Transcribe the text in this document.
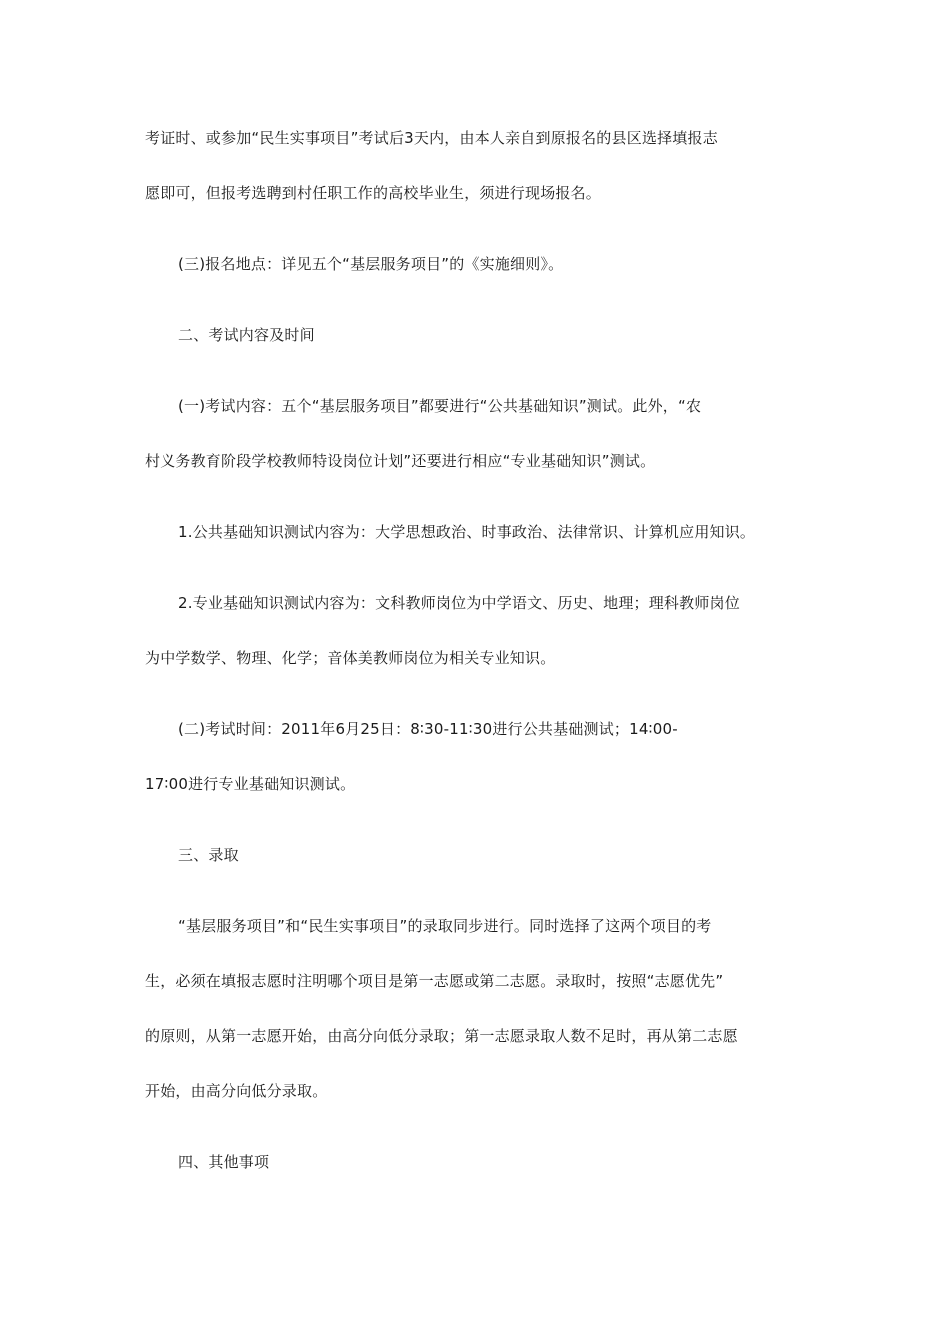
考证时、或参加“民生实事项目”考试后3天内，由本人亲自到原报名的县区选择填报志
愿即可，但报考选聘到村任职工作的高校毕业生，须进行现场报名。
(三)报名地点：详见五个“基层服务项目”的《实施细则》。
二、考试内容及时间
(一)考试内容：五个“基层服务项目”都要进行“公共基础知识”测试。此外，“农
村义务教育阶段学校教师特设岗位计划”还要进行相应“专业基础知识”测试。
1.公共基础知识测试内容为：大学思想政治、时事政治、法律常识、计算机应用知识。
2.专业基础知识测试内容为：文科教师岗位为中学语文、历史、地理；理科教师岗位
为中学数学、物理、化学；音体美教师岗位为相关专业知识。
(二)考试时间：2011年6月25日：8∶30-11∶30进行公共基础测试；14∶00-
17∶00进行专业基础知识测试。
三、录取
“基层服务项目”和“民生实事项目”的录取同步进行。同时选择了这两个项目的考
生，必须在填报志愿时注明哪个项目是第一志愿或第二志愿。录取时，按照“志愿优先”
的原则，从第一志愿开始，由高分向低分录取；第一志愿录取人数不足时，再从第二志愿
开始，由高分向低分录取。
四、其他事项
